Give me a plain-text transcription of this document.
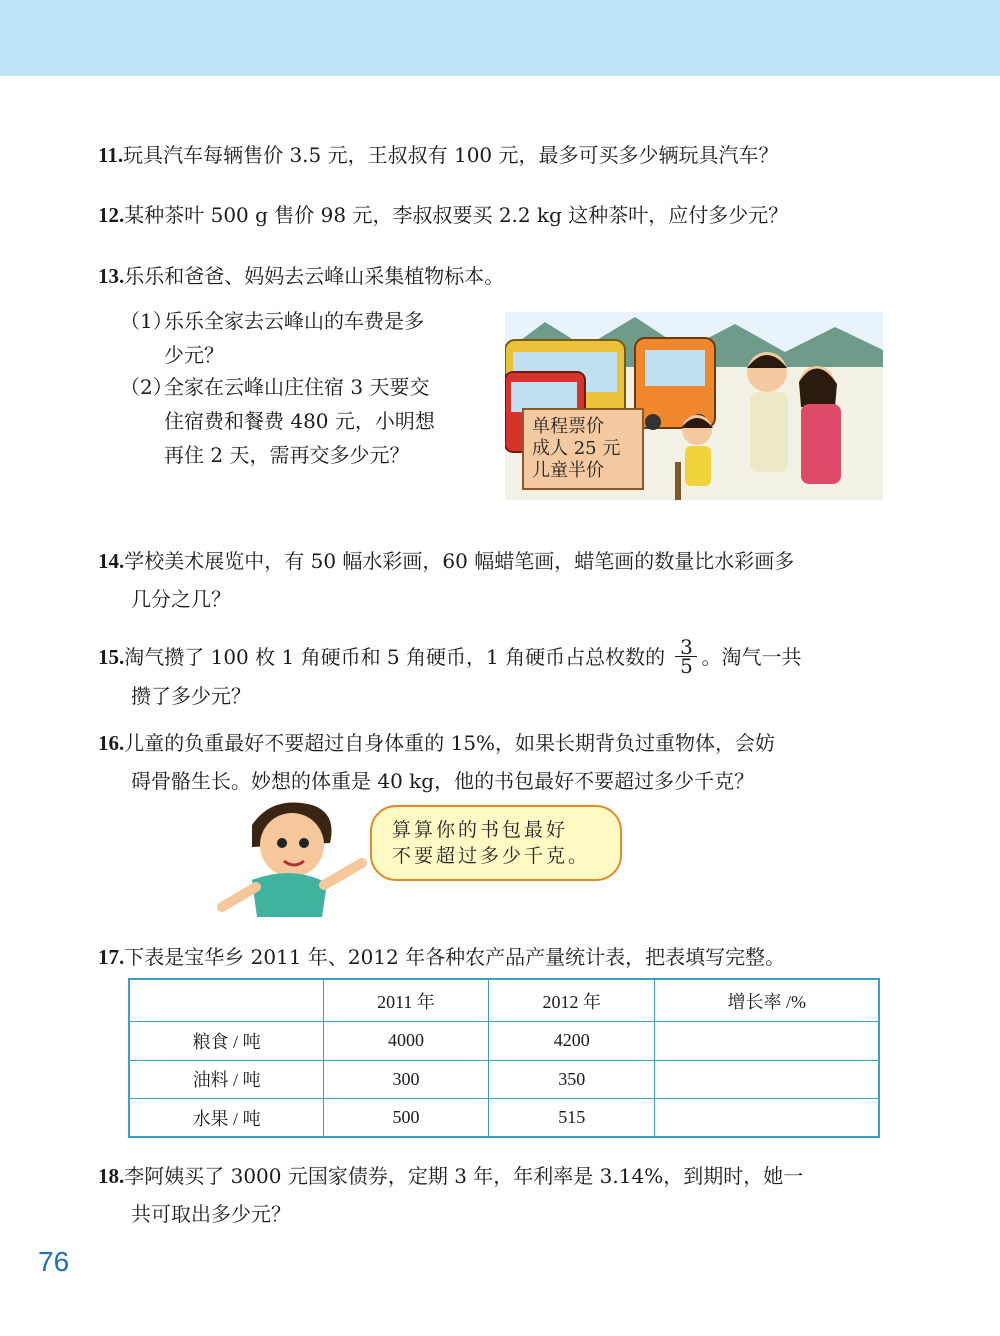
11.玩具汽车每辆售价 3.5 元，王叔叔有 100 元，最多可买多少辆玩具汽车？
12.某种茶叶 500 g 售价 98 元，李叔叔要买 2.2 kg 这种茶叶，应付多少元？
13.乐乐和爸爸、妈妈去云峰山采集植物标本。
（1）乐乐全家去云峰山的车费是多
少元？
（2）全家在云峰山庄住宿 3 天要交
住宿费和餐费 480 元，小明想
再住 2 天，需再交多少元？
单程票价
成人 25 元
儿童半价
14.学校美术展览中，有 50 幅水彩画，60 幅蜡笔画，蜡笔画的数量比水彩画多
几分之几？
15.淘气攒了 100 枚 1 角硬币和 5 角硬币，1 角硬币占总枚数的 $\frac{3}{5}$ 。淘气一共
攒了多少元？
16.儿童的负重最好不要超过自身体重的 15%，如果长期背负过重物体，会妨
碍骨骼生长。妙想的体重是 40 kg，他的书包最好不要超过多少千克？
算算你的书包最好
不要超过多少千克。
17.下表是宝华乡 2011 年、2012 年各种农产品产量统计表，把表填写完整。
	2011 年	2012 年	增长率 /%
粮食 / 吨	4000	4200	
油料 / 吨	300	350	
水果 / 吨	500	515	
18.李阿姨买了 3000 元国家债券，定期 3 年，年利率是 3.14%，到期时，她一
共可取出多少元？
76
